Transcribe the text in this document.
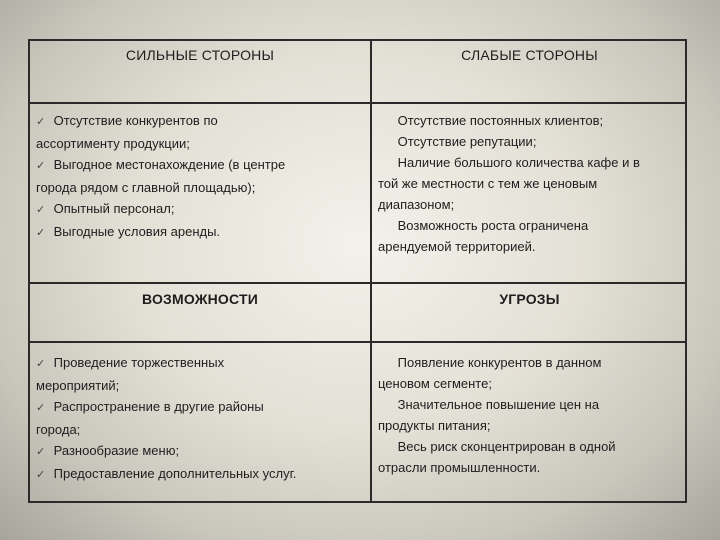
СИЛЬНЫЕ СТОРОНЫ	СЛАБЫЕ СТОРОНЫ
ВОЗМОЖНОСТИ	УГРОЗЫ

✓ Отсутствие конкурентов по

ассортименту продукции;

✓ Выгодное местонахождение (в центре

города рядом с главной площадью);

✓ Опытный персонал;

✓ Выгодные условия аренды.

Отсутствие постоянных клиентов;

Отсутствие репутации;

Наличие большого количества кафе и в

той же местности с тем же ценовым

диапазоном;

Возможность роста ограничена

арендуемой территорией.

✓ Проведение торжественных

мероприятий;

✓ Распространение в другие районы

города;

✓ Разнообразие меню;

✓ Предоставление дополнительных услуг.

Появление конкурентов в данном

ценовом сегменте;

Значительное повышение цен на

продукты питания;

Весь риск сконцентрирован в одной

отрасли промышленности.
